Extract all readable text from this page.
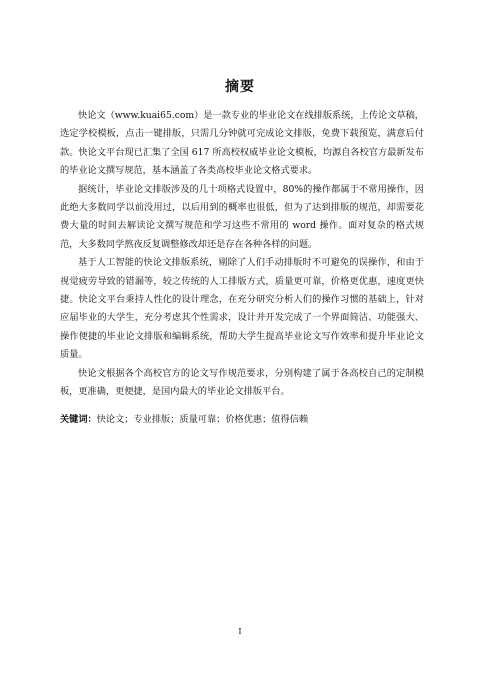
摘要

快论文（www.kuai65.com）是一款专业的毕业论文在线排版系统，上传论文草稿，选定学校模板，点击一键排版，只需几分钟就可完成论文排版，免费下载预览，满意后付款。快论文平台现已汇集了全国 617 所高校权威毕业论文模板，均源自各校官方最新发布的毕业论文撰写规范，基本涵盖了各类高校毕业论文格式要求。

据统计，毕业论文排版涉及的几十项格式设置中，80%的操作都属于不常用操作，因此绝大多数同学以前没用过，以后用到的概率也很低，但为了达到排版的规范，却需要花费大量的时间去解读论文撰写规范和学习这些不常用的 word 操作。面对复杂的格式规范，大多数同学熬夜反复调整修改却还是存在各种各样的问题。

基于人工智能的快论文排版系统，剔除了人们手动排版时不可避免的误操作，和由于视觉疲劳导致的错漏等，较之传统的人工排版方式，质量更可靠，价格更优惠，速度更快捷。快论文平台秉持人性化的设计理念，在充分研究分析人们的操作习惯的基础上，针对应届毕业的大学生，充分考虑其个性需求，设计并开发完成了一个界面简洁、功能强大、操作便捷的毕业论文排版和编辑系统，帮助大学生提高毕业论文写作效率和提升毕业论文质量。

快论文根据各个高校官方的论文写作规范要求，分别构建了属于各高校自己的定制模板，更准确，更便捷，是国内最大的毕业论文排版平台。

关键词：快论文；专业排版；质量可靠；价格优惠；值得信赖

I
